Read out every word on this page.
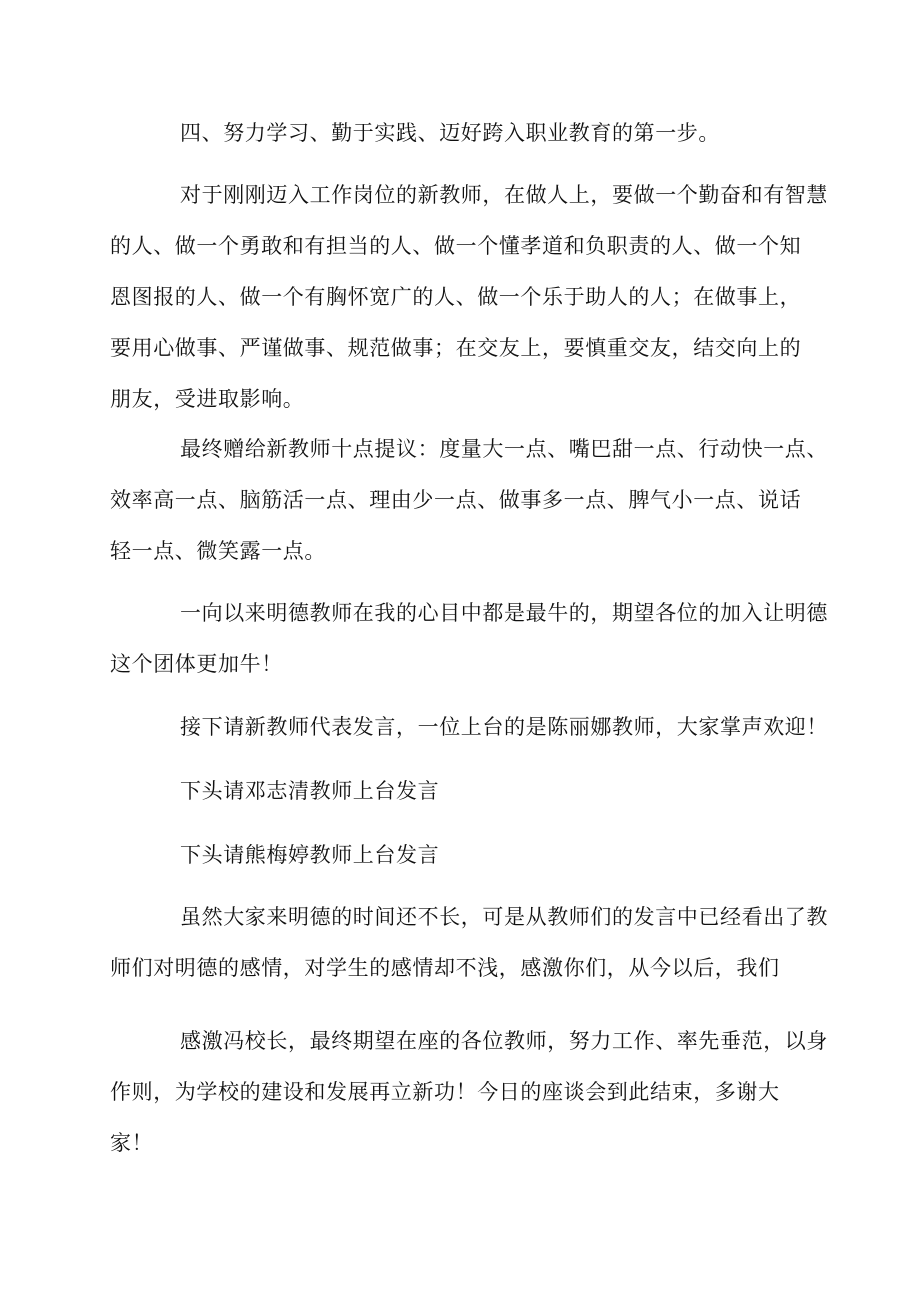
四、努力学习、勤于实践、迈好跨入职业教育的第一步。

对于刚刚迈入工作岗位的新教师，在做人上，要做一个勤奋和有智慧
的人、做一个勇敢和有担当的人、做一个懂孝道和负职责的人、做一个知
恩图报的人、做一个有胸怀宽广的人、做一个乐于助人的人；在做事上，
要用心做事、严谨做事、规范做事；在交友上，要慎重交友，结交向上的
朋友，受进取影响。

最终赠给新教师十点提议：度量大一点、嘴巴甜一点、行动快一点、
效率高一点、脑筋活一点、理由少一点、做事多一点、脾气小一点、说话
轻一点、微笑露一点。

一向以来明德教师在我的心目中都是最牛的，期望各位的加入让明德
这个团体更加牛！

接下请新教师代表发言，一位上台的是陈丽娜教师，大家掌声欢迎！

下头请邓志清教师上台发言

下头请熊梅婷教师上台发言

虽然大家来明德的时间还不长，可是从教师们的发言中已经看出了教
师们对明德的感情，对学生的感情却不浅，感激你们，从今以后，我们

感激冯校长，最终期望在座的各位教师，努力工作、率先垂范，以身
作则，为学校的建设和发展再立新功！今日的座谈会到此结束，多谢大
家！
